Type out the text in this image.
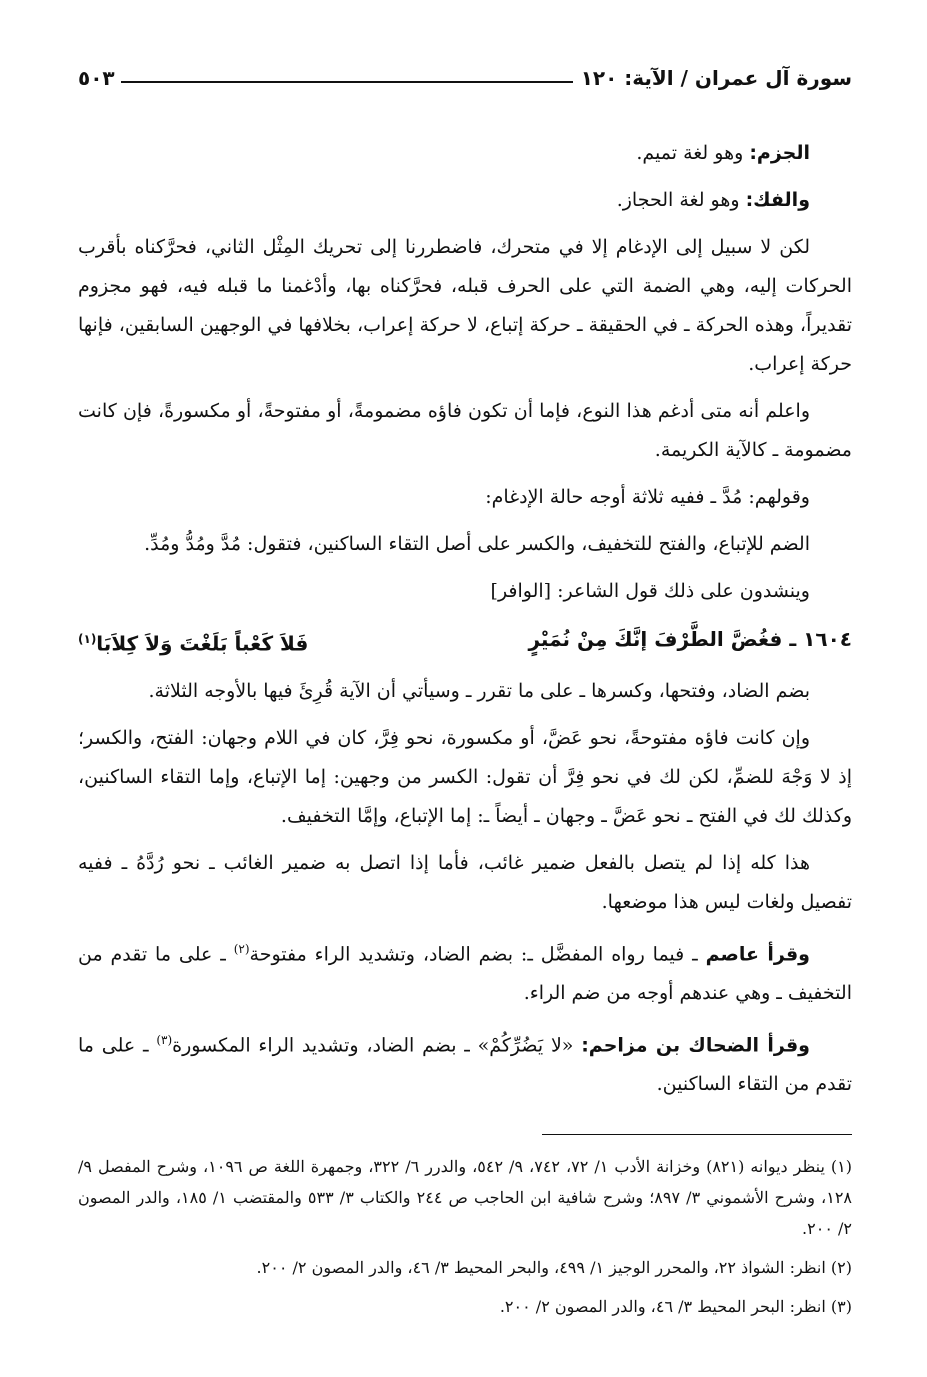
سورة آل عمران / الآية: ١٢٠
٥٠٣

الجزم: وهو لغة تميم.

والفك: وهو لغة الحجاز.

لكن لا سبيل إلى الإدغام إلا في متحرك، فاضطررنا إلى تحريك المِثْل الثاني، فحرَّكناه بأقرب الحركات إليه، وهي الضمة التي على الحرف قبله، فحرَّكناه بها، وأدْغمنا ما قبله فيه، فهو مجزوم تقديراً، وهذه الحركة ـ في الحقيقة ـ حركة إتباع، لا حركة إعراب، بخلافها في الوجهين السابقين، فإنها حركة إعراب.

واعلم أنه متى أدغم هذا النوع، فإما أن تكون فاؤه مضمومةً، أو مفتوحةً، أو مكسورةً، فإن كانت مضمومة ـ كالآية الكريمة.

وقولهم: مُدَّ ـ ففيه ثلاثة أوجه حالة الإدغام:

الضم للإتباع، والفتح للتخفيف، والكسر على أصل التقاء الساكنين، فتقول: مُدَّ ومُدُّ ومُدِّ.

وينشدون على ذلك قول الشاعر: [الوافر]

١٦٠٤ ـ فغُضَّ الطَّرْفَ إنَّكَ مِنْ نُمَيْرٍ
فَلاَ كَعْباً بَلَغْتَ وَلاَ كِلاَبَا$^{(١)}$

بضم الضاد، وفتحها، وكسرها ـ على ما تقرر ـ وسيأتي أن الآية قُرِئَ فيها بالأوجه الثلاثة.

وإن كانت فاؤه مفتوحةً، نحو عَضَّ، أو مكسورة، نحو فِرَّ، كان في اللام وجهان: الفتح، والكسر؛ إذ لا وَجْهَ للضمِّ، لكن لك في نحو فِرَّ أن تقول: الكسر من وجهين: إما الإتباع، وإما التقاء الساكنين، وكذلك لك في الفتح ـ نحو عَضَّ ـ وجهان ـ أيضاً ـ: إما الإتباع، وإمَّا التخفيف.

هذا كله إذا لم يتصل بالفعل ضمير غائب، فأما إذا اتصل به ضمير الغائب ـ نحو رُدَّهُ ـ ففيه تفصيل ولغات ليس هذا موضعها.

وقرأ عاصم ـ فيما رواه المفضَّل ـ: بضم الضاد، وتشديد الراء مفتوحة$^{(٢)}$ ـ على ما تقدم من التخفيف ـ وهي عندهم أوجه من ضم الراء.

وقرأ الضحاك بن مزاحم: «لا يَضُرِّكُمْ» ـ بضم الضاد، وتشديد الراء المكسورة$^{(٣)}$ ـ على ما تقدم من التقاء الساكنين.

(١) ينظر ديوانه (٨٢١) وخزانة الأدب ١/ ٧٢، ٧٤٢، ٩/ ٥٤٢، والدرر ٦/ ٣٢٢، وجمهرة اللغة ص ١٠٩٦، وشرح المفصل ٩/ ١٢٨، وشرح الأشموني ٣/ ٨٩٧؛ وشرح شافية ابن الحاجب ص ٢٤٤ والكتاب ٣/ ٥٣٣ والمقتضب ١/ ١٨٥، والدر المصون ٢/ ٢٠٠.

(٢) انظر: الشواذ ٢٢، والمحرر الوجيز ١/ ٤٩٩، والبحر المحيط ٣/ ٤٦، والدر المصون ٢/ ٢٠٠.

(٣) انظر: البحر المحيط ٣/ ٤٦، والدر المصون ٢/ ٢٠٠.
